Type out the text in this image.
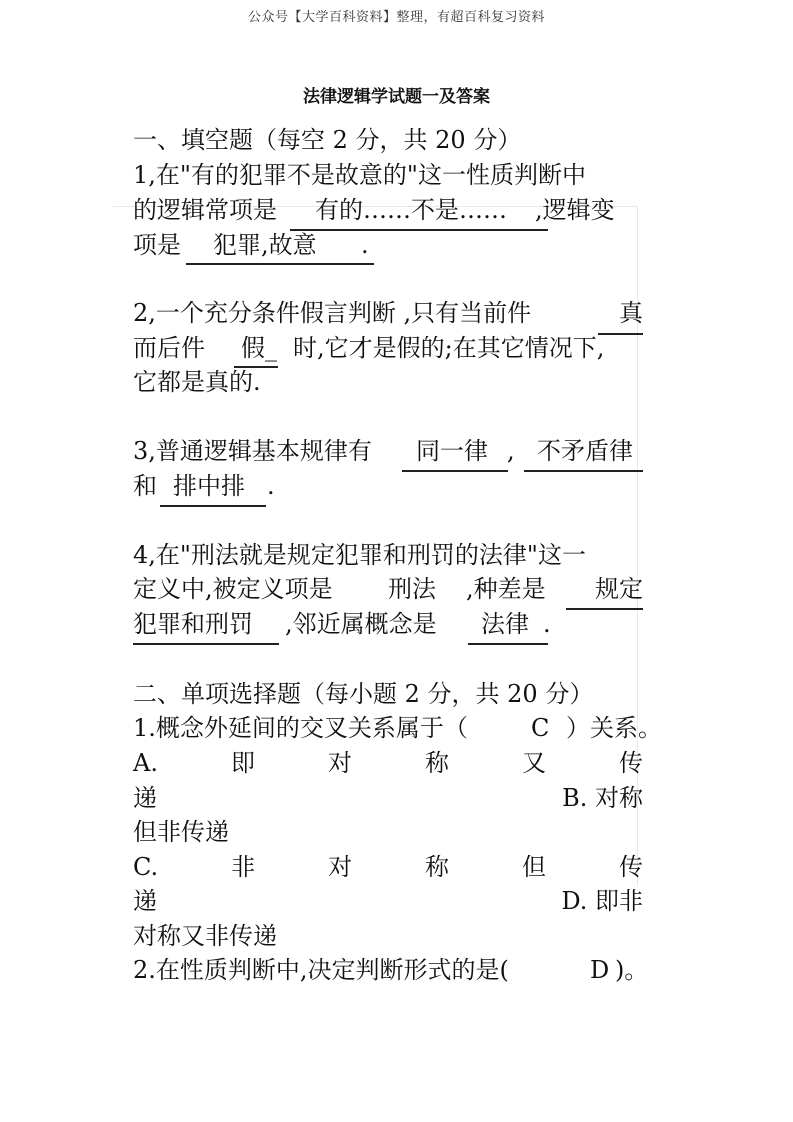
公众号【大学百科资料】整理，有超百科复习资料
法律逻辑学试题一及答案
一、填空题（每空 2 分，共 20 分）
1,在"有的犯罪不是故意的"这一性质判断中
的逻辑常项是 有的……不是…… ,逻辑变
项是 犯罪,故意 .
2,一个充分条件假言判断 ,只有当前件	真
而后件 假_ 时,它才是假的;在其它情况下,
它都是真的.
3,普通逻辑基本规律有 同一律 , 不矛盾律
和 排中排 .
4,在"刑法就是规定犯罪和刑罚的法律"这一
定义中,被定义项是 刑法 ,种差是 规定
犯罪和刑罚 ,邻近属概念是 法律 .
二、单项选择题（每小题 2 分，共 20 分）
1.概念外延间的交叉关系属于（	C ）关系。
A.	即	对	称	又	传
递	B. 对称
但非传递
C.	非	对	称	但	传
递	D. 即非
对称又非传递
2.在性质判断中,决定判断形式的是(	D )。
